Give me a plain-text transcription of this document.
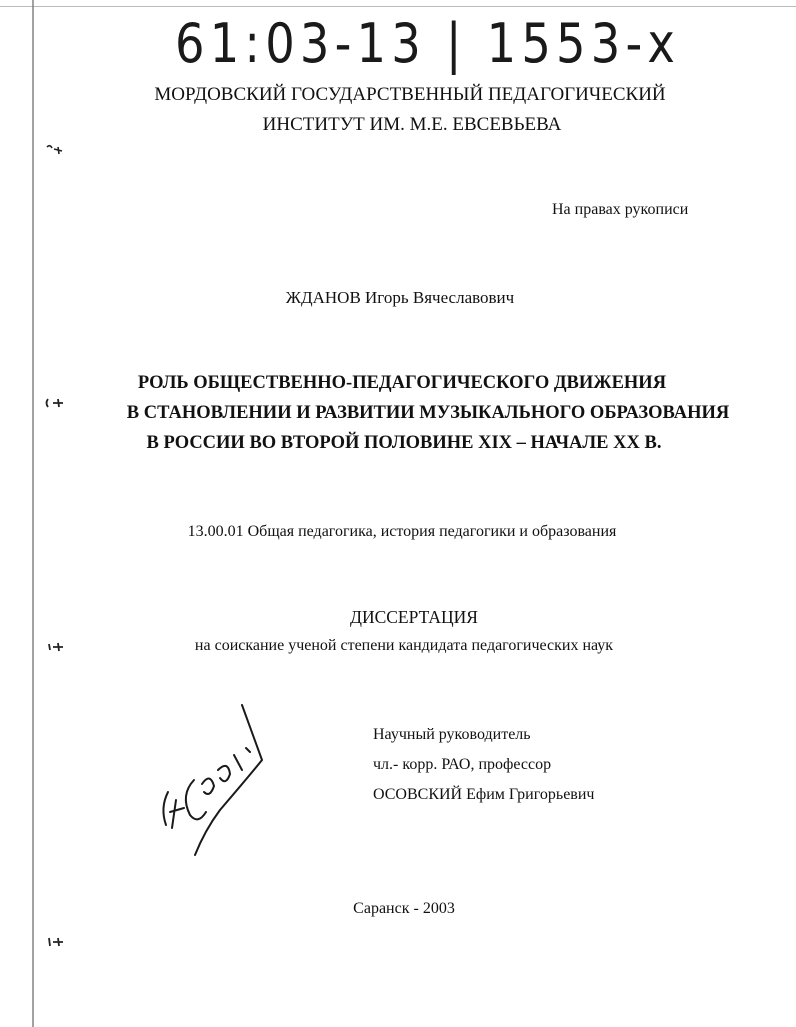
61:03-13 | 1553-x
МОРДОВСКИЙ ГОСУДАРСТВЕННЫЙ ПЕДАГОГИЧЕСКИЙ
ИНСТИТУТ ИМ. М.Е. ЕВСЕВЬЕВА
На правах рукописи
ЖДАНОВ Игорь Вячеславович
РОЛЬ ОБЩЕСТВЕННО-ПЕДАГОГИЧЕСКОГО ДВИЖЕНИЯ
В СТАНОВЛЕНИИ И РАЗВИТИИ МУЗЫКАЛЬНОГО ОБРАЗОВАНИЯ
В РОССИИ ВО ВТОРОЙ ПОЛОВИНЕ XIX – НАЧАЛЕ XX В.
13.00.01 Общая педагогика, история педагогики и образования
ДИССЕРТАЦИЯ
на соискание ученой степени кандидата педагогических наук
Научный руководитель
чл.- корр. РАО, профессор
ОСОВСКИЙ Ефим Григорьевич
Саранск - 2003
